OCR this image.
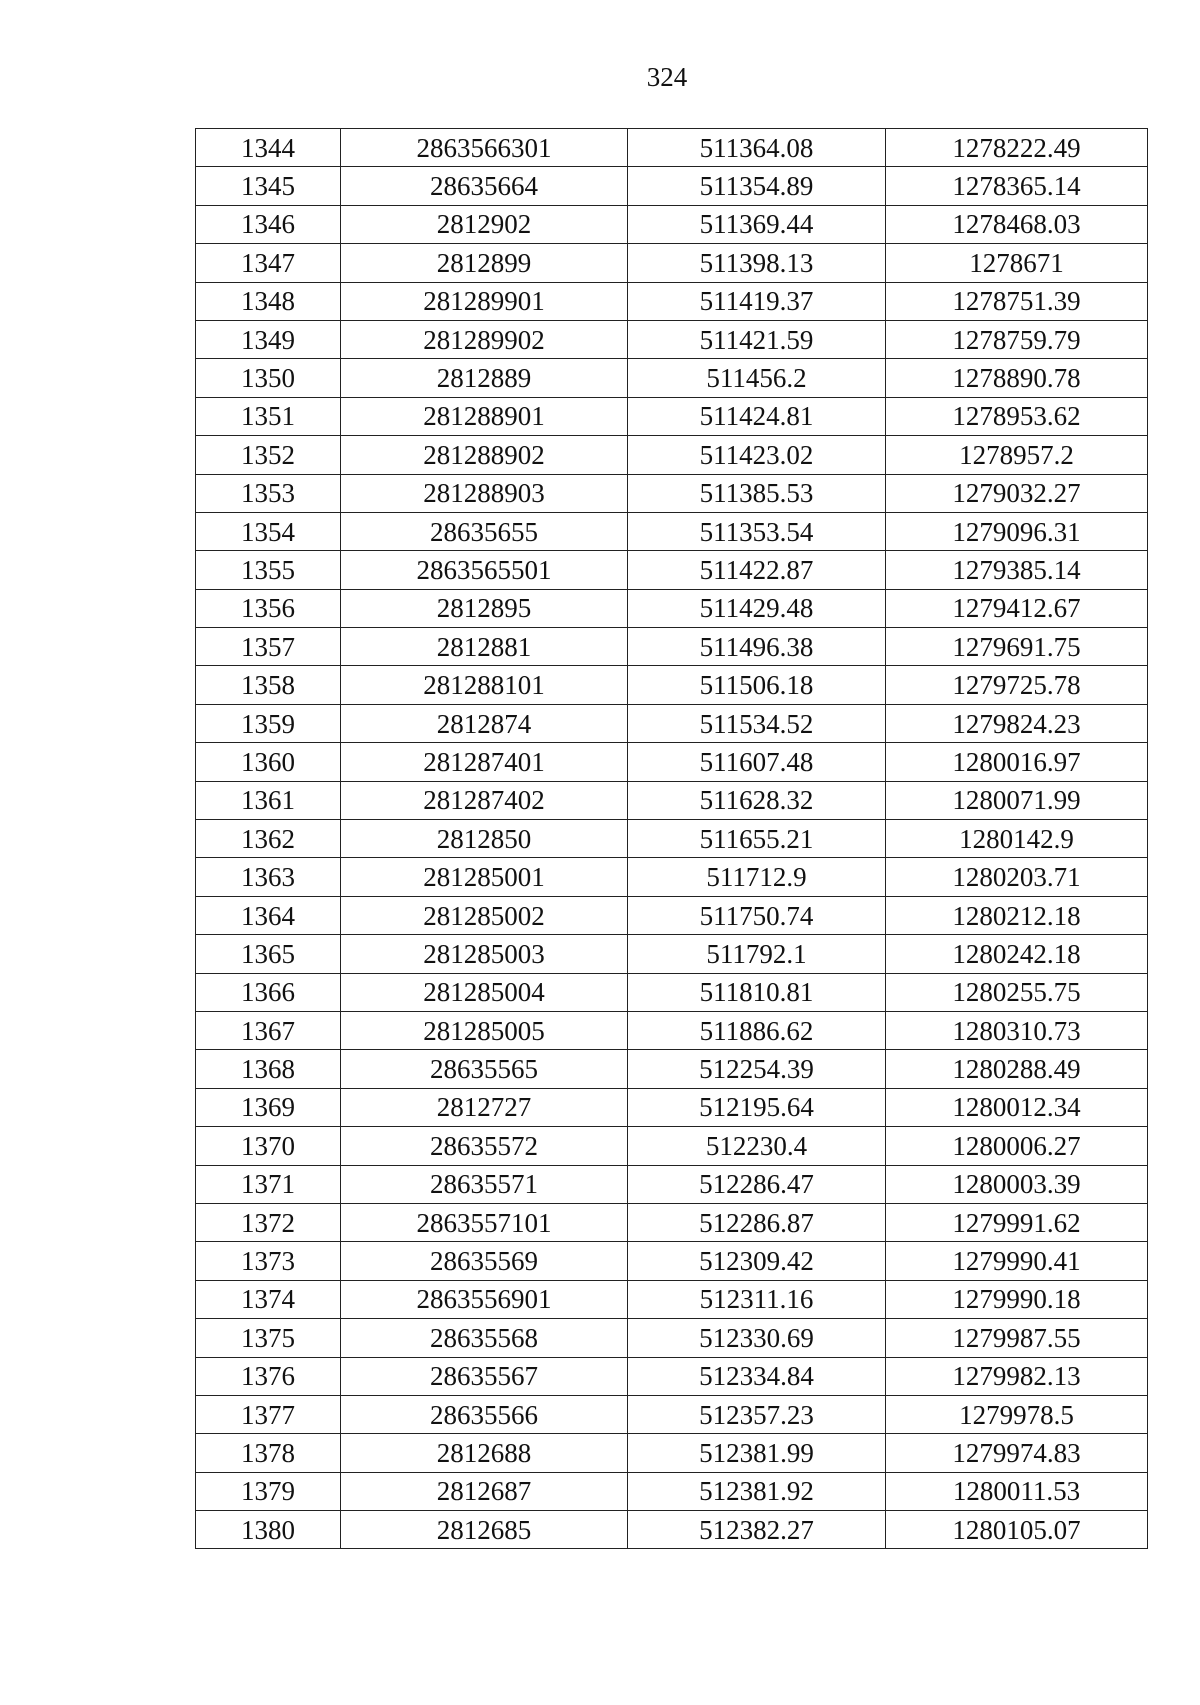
324
1344	2863566301	511364.08	1278222.49
1345	28635664	511354.89	1278365.14
1346	2812902	511369.44	1278468.03
1347	2812899	511398.13	1278671
1348	281289901	511419.37	1278751.39
1349	281289902	511421.59	1278759.79
1350	2812889	511456.2	1278890.78
1351	281288901	511424.81	1278953.62
1352	281288902	511423.02	1278957.2
1353	281288903	511385.53	1279032.27
1354	28635655	511353.54	1279096.31
1355	2863565501	511422.87	1279385.14
1356	2812895	511429.48	1279412.67
1357	2812881	511496.38	1279691.75
1358	281288101	511506.18	1279725.78
1359	2812874	511534.52	1279824.23
1360	281287401	511607.48	1280016.97
1361	281287402	511628.32	1280071.99
1362	2812850	511655.21	1280142.9
1363	281285001	511712.9	1280203.71
1364	281285002	511750.74	1280212.18
1365	281285003	511792.1	1280242.18
1366	281285004	511810.81	1280255.75
1367	281285005	511886.62	1280310.73
1368	28635565	512254.39	1280288.49
1369	2812727	512195.64	1280012.34
1370	28635572	512230.4	1280006.27
1371	28635571	512286.47	1280003.39
1372	2863557101	512286.87	1279991.62
1373	28635569	512309.42	1279990.41
1374	2863556901	512311.16	1279990.18
1375	28635568	512330.69	1279987.55
1376	28635567	512334.84	1279982.13
1377	28635566	512357.23	1279978.5
1378	2812688	512381.99	1279974.83
1379	2812687	512381.92	1280011.53
1380	2812685	512382.27	1280105.07
